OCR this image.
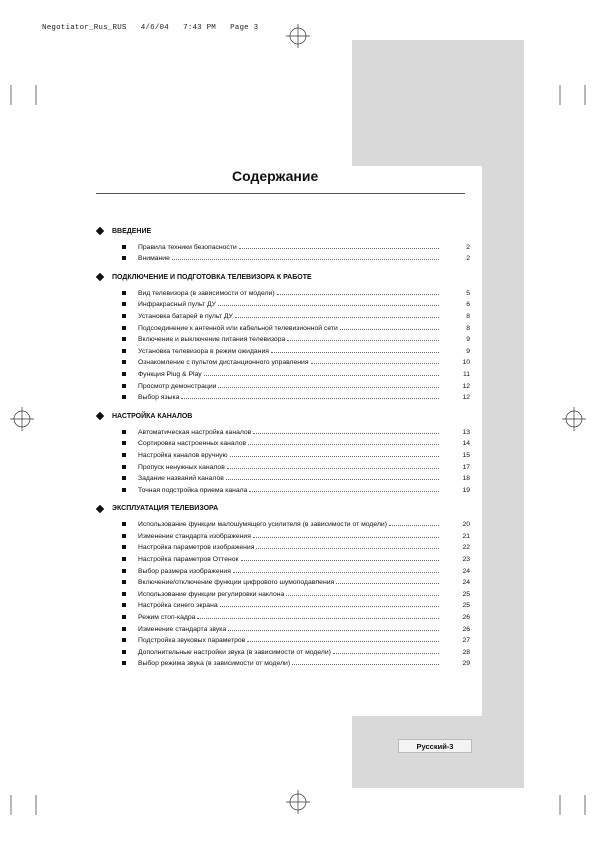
Negotiator_Rus_RUS 4/6/04 7:43 PM Page 3
Содержание
ВВЕДЕНИЕ
Правила техники безопасности	2
Внимание	2
ПОДКЛЮЧЕНИЕ И ПОДГОТОВКА ТЕЛЕВИЗОРА К РАБОТЕ
Вид телевизора (в зависимости от модели)	5
Инфракрасный пульт ДУ	6
Установка батарей в пульт ДУ	8
Подсоединение к антенной или кабельной телевизионной сети	8
Включение и выключение питания телевизора	9
Установка телевизора в режим ожидания	9
Ознакомление с пультом дистанционного управления	10
Функция Plug & Play	11
Просмотр демонстрации	12
Выбор языка	12
НАСТРОЙКА КАНАЛОВ
Автоматическая настройка каналов	13
Сортировка настроенных каналов	14
Настройка каналов вручную	15
Пропуск ненужных каналов	17
Задание названий каналов	18
Точная подстройка приема канала	19
ЭКСПЛУАТАЦИЯ ТЕЛЕВИЗОРА
Использование функции малошумящего усилителя (в зависимости от модели)	20
Изменение стандарта изображения	21
Настройка параметров изображения	22
Настройка параметров Оттенок	23
Выбор размера изображения	24
Включение/отключение функции цифрового шумоподавления	24
Использование функции регулировки наклона	25
Настройка синего экрана	25
Режим стоп-кадра	26
Изменение стандарта звука	26
Подстройка звуковых параметров	27
Дополнительные настройки звука (в зависимости от модели)	28
Выбор режима звука (в зависимости от модели)	29
Русский-3
